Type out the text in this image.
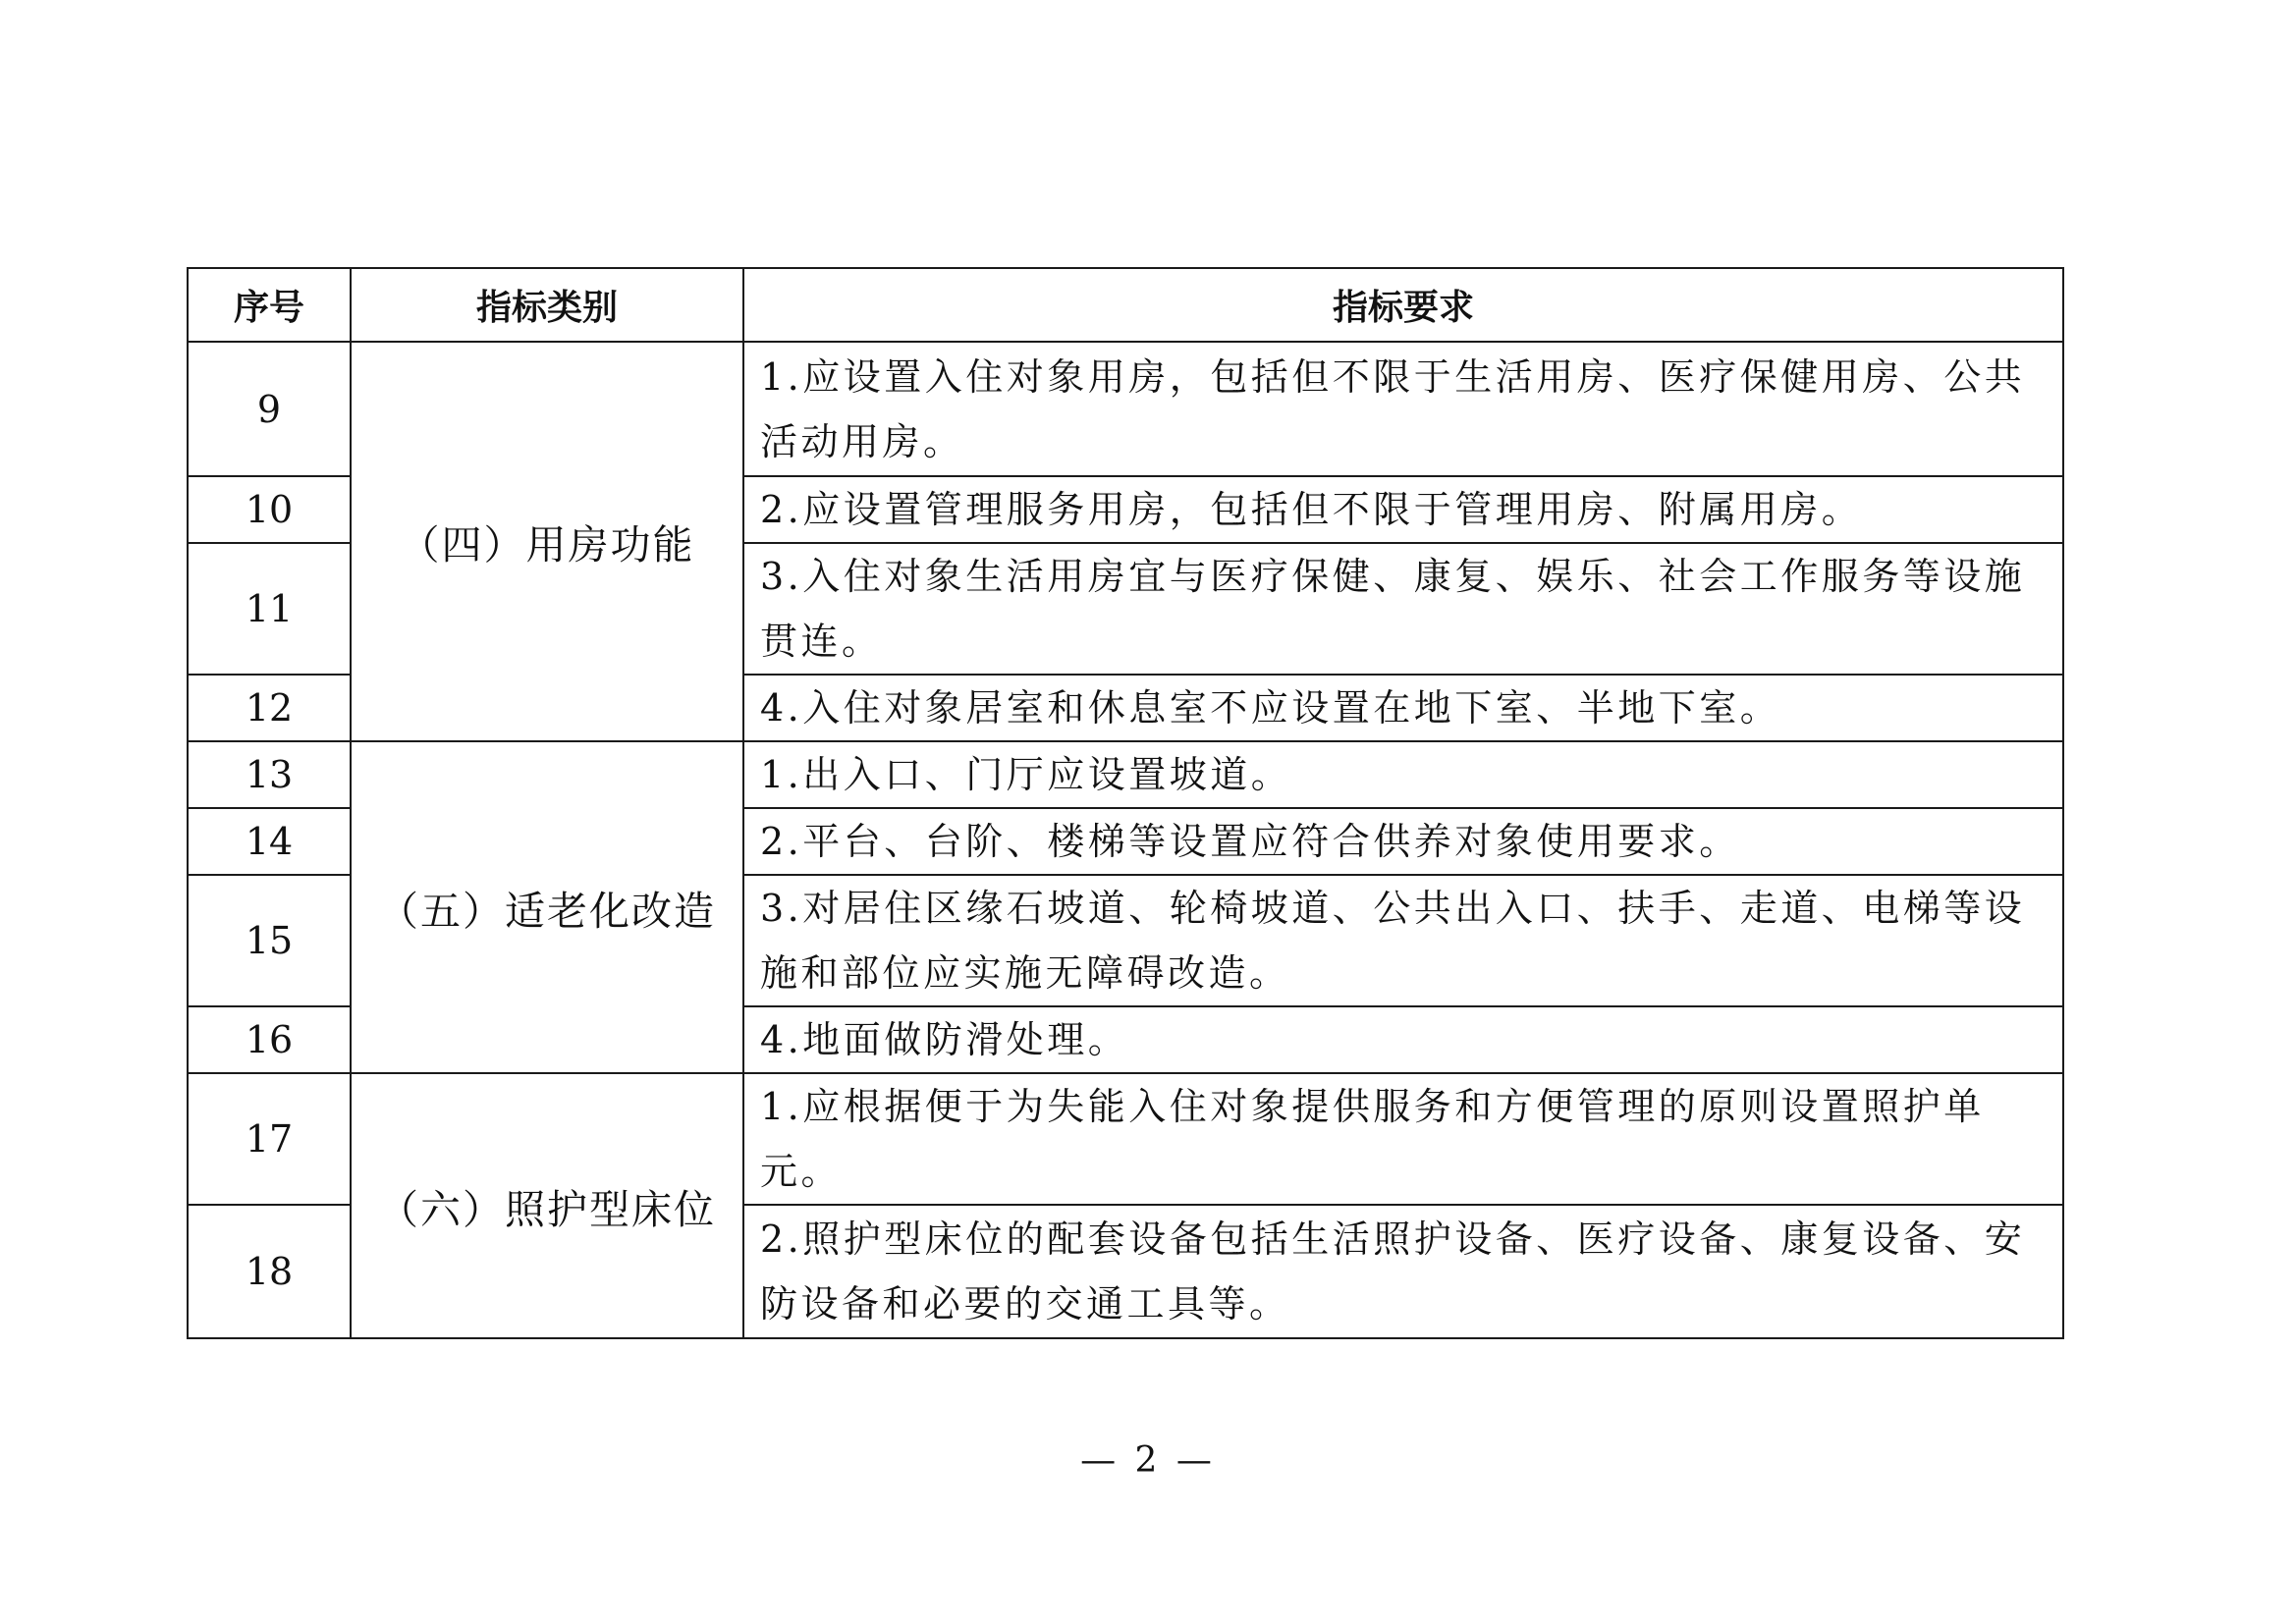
序号	指标类别	指标要求
9	（四）用房功能	1.应设置入住对象用房，包括但不限于生活用房、医疗保健用房、公共活动用房。
10		2.应设置管理服务用房，包括但不限于管理用房、附属用房。
11		3.入住对象生活用房宜与医疗保健、康复、娱乐、社会工作服务等设施贯连。
12		4.入住对象居室和休息室不应设置在地下室、半地下室。
13	（五）适老化改造	1.出入口、门厅应设置坡道。
14		2.平台、台阶、楼梯等设置应符合供养对象使用要求。
15		3.对居住区缘石坡道、轮椅坡道、公共出入口、扶手、走道、电梯等设施和部位应实施无障碍改造。
16		4.地面做防滑处理。
17	（六）照护型床位	1.应根据便于为失能入住对象提供服务和方便管理的原则设置照护单元。
18		2.照护型床位的配套设备包括生活照护设备、医疗设备、康复设备、安防设备和必要的交通工具等。
— 2 —
